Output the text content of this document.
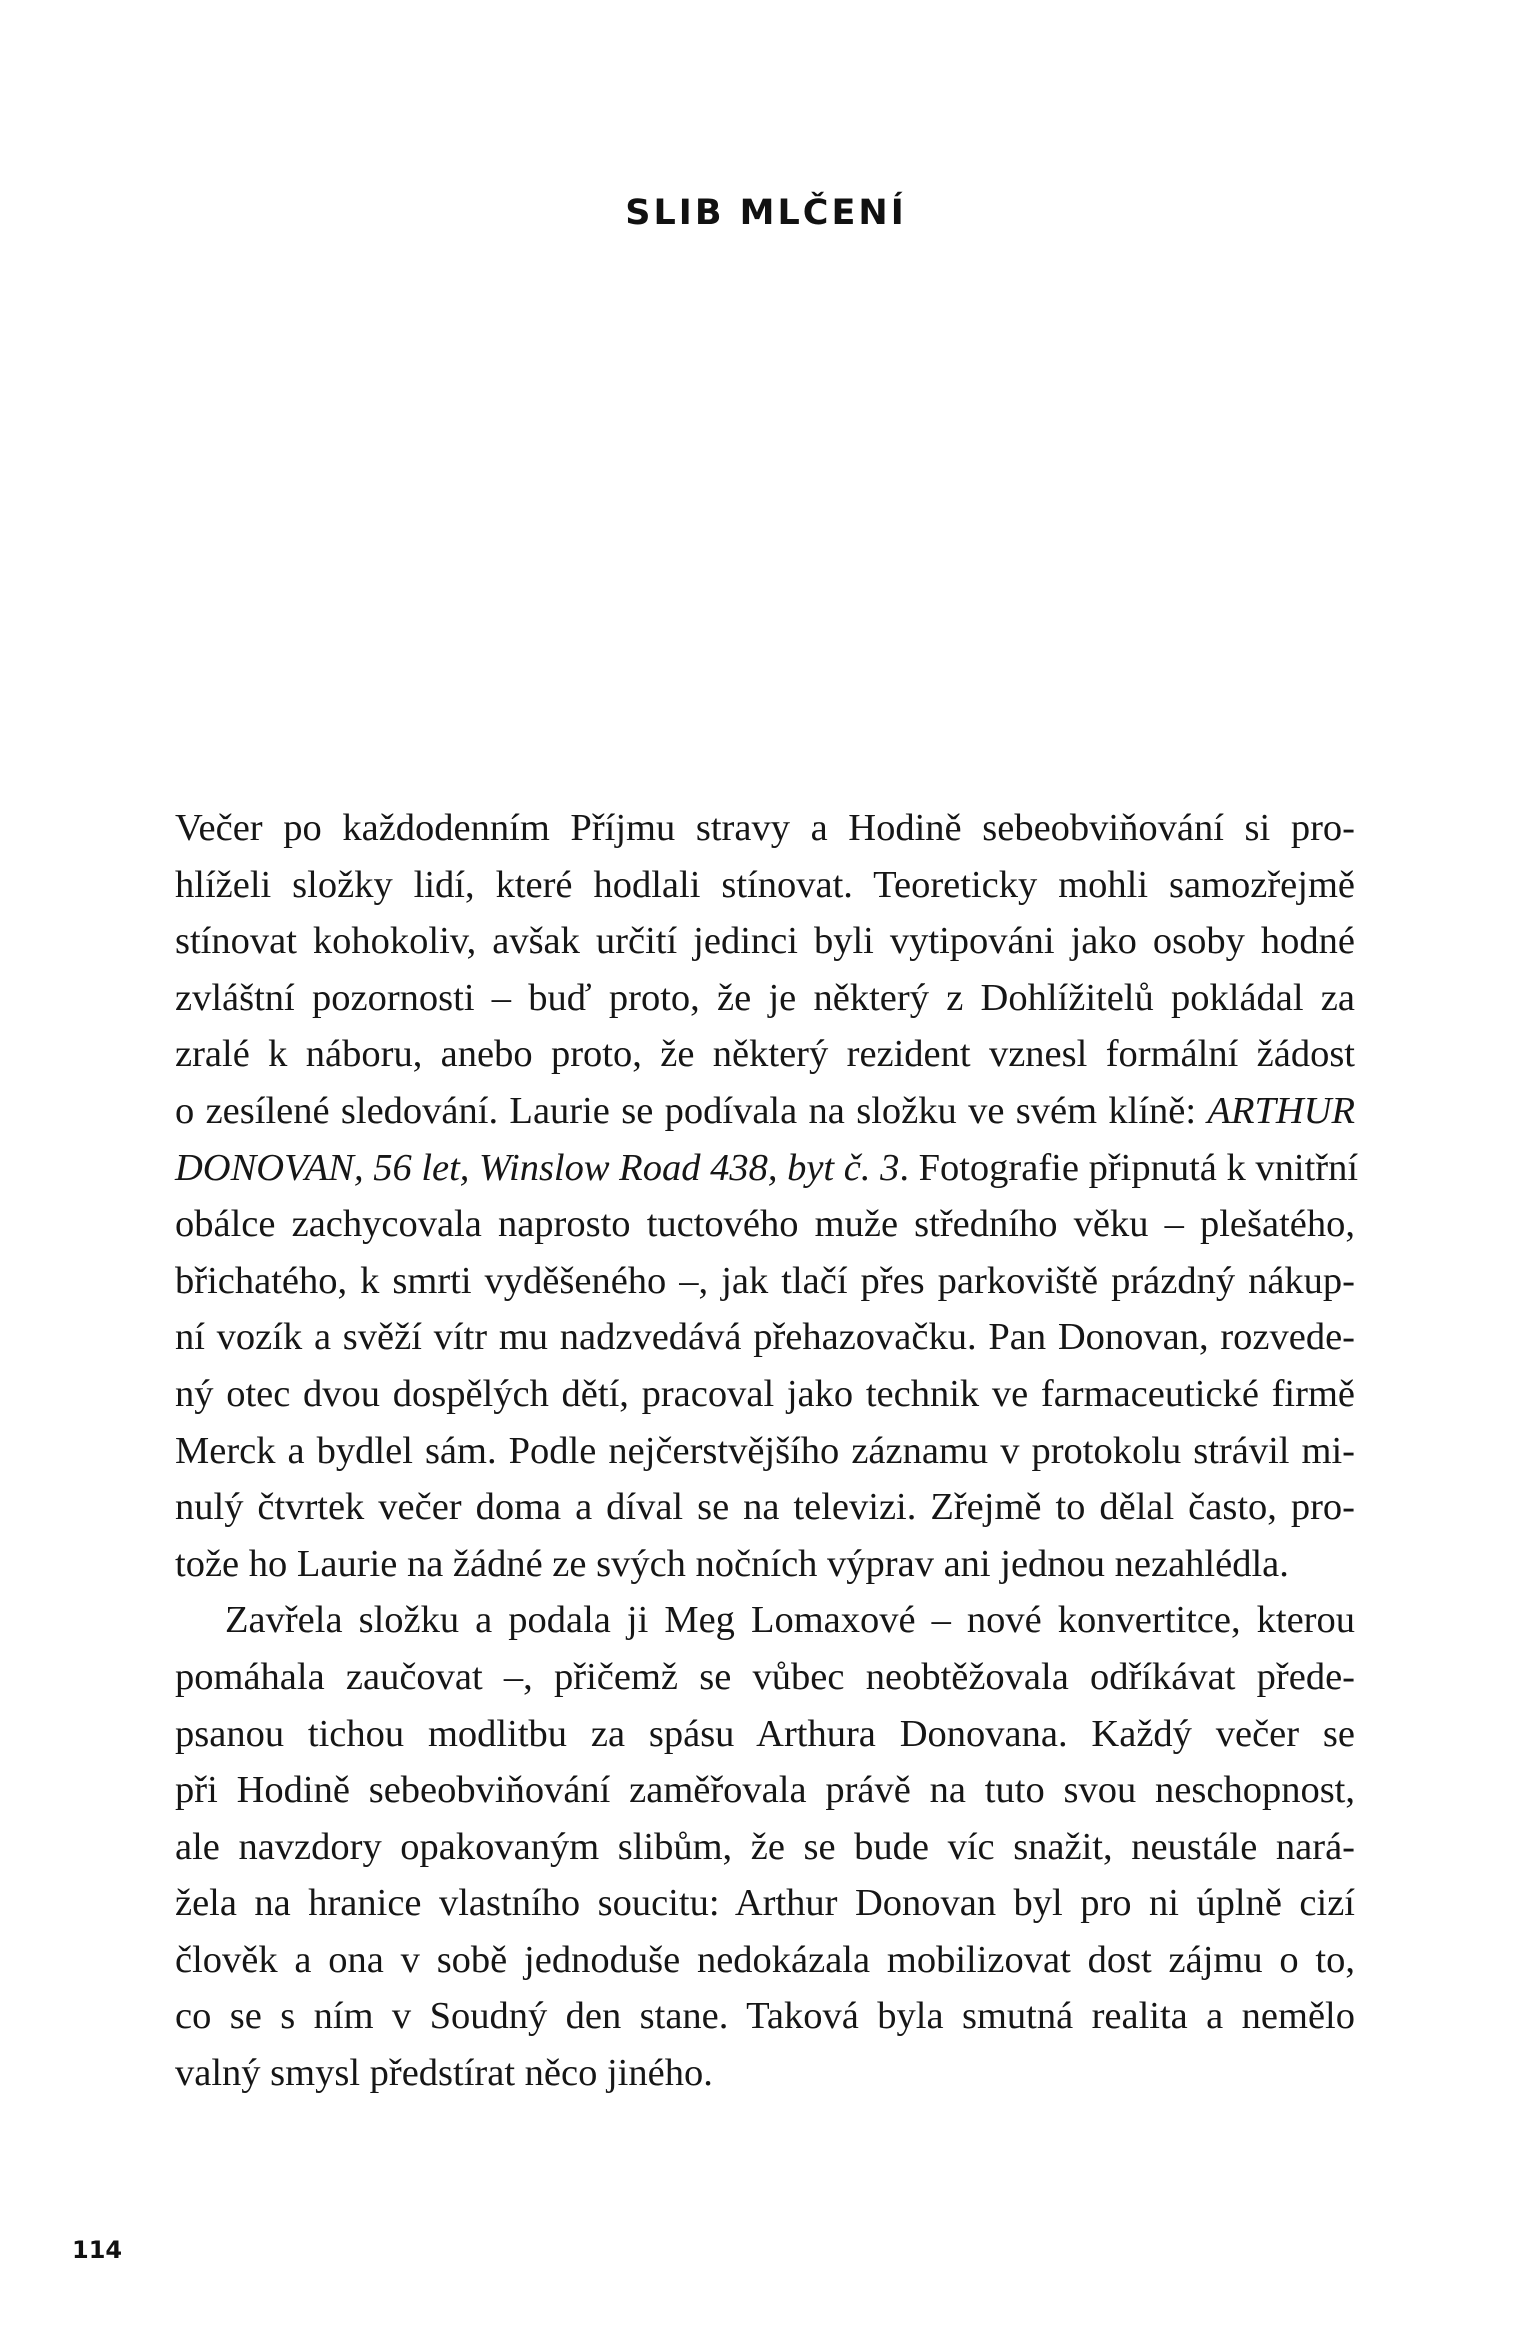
SLIB MLČENÍ
Večer po každodenním Příjmu stravy a Hodině sebeobviňování si pro-
hlíželi složky lidí, které hodlali stínovat. Teoreticky mohli samozřejmě
stínovat kohokoliv, avšak určití jedinci byli vytipováni jako osoby hodné
zvláštní pozornosti – buď proto, že je některý z Dohlížitelů pokládal za
zralé k náboru, anebo proto, že některý rezident vznesl formální žádost
o zesílené sledování. Laurie se podívala na složku ve svém klíně: ARTHUR
DONOVAN, 56 let, Winslow Road 438, byt č. 3. Fotografie připnutá k vnitřní
obálce zachycovala naprosto tuctového muže středního věku – plešatého,
břichatého, k smrti vyděšeného –, jak tlačí přes parkoviště prázdný nákup-
ní vozík a svěží vítr mu nadzvedává přehazovačku. Pan Donovan, rozvede-
ný otec dvou dospělých dětí, pracoval jako technik ve farmaceutické firmě
Merck a bydlel sám. Podle nejčerstvějšího záznamu v protokolu strávil mi-
nulý čtvrtek večer doma a díval se na televizi. Zřejmě to dělal často, pro-
tože ho Laurie na žádné ze svých nočních výprav ani jednou nezahlédla.
Zavřela složku a podala ji Meg Lomaxové – nové konvertitce, kterou
pomáhala zaučovat –, přičemž se vůbec neobtěžovala odříkávat přede-
psanou tichou modlitbu za spásu Arthura Donovana. Každý večer se
při Hodině sebeobviňování zaměřovala právě na tuto svou neschopnost,
ale navzdory opakovaným slibům, že se bude víc snažit, neustále nará-
žela na hranice vlastního soucitu: Arthur Donovan byl pro ni úplně cizí
člověk a ona v sobě jednoduše nedokázala mobilizovat dost zájmu o to,
co se s ním v Soudný den stane. Taková byla smutná realita a nemělo
valný smysl předstírat něco jiného.
114
